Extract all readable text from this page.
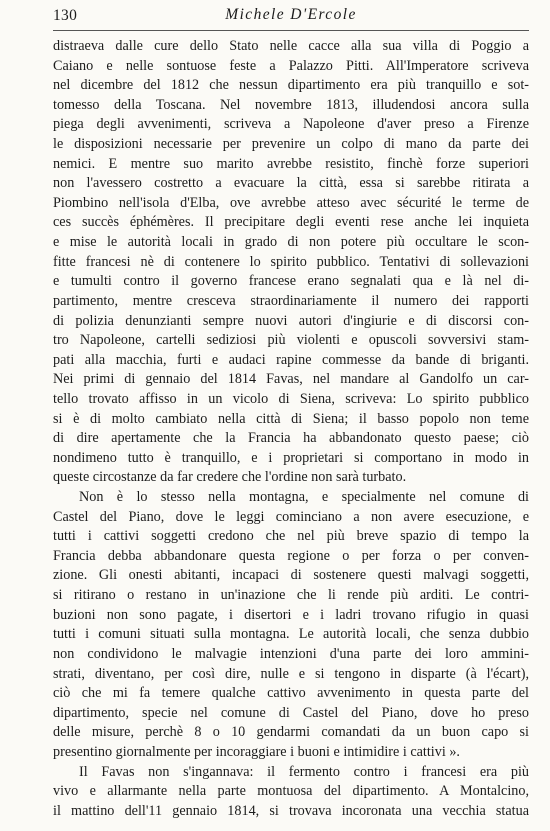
130	Michele D'Ercole
distraeva dalle cure dello Stato nelle cacce alla sua villa di Poggio a
Caiano e nelle sontuose feste a Palazzo Pitti. All'Imperatore scriveva
nel dicembre del 1812 che nessun dipartimento era più tranquillo e sot-
tomesso della Toscana. Nel novembre 1813, illudendosi ancora sulla
piega degli avvenimenti, scriveva a Napoleone d'aver preso a Firenze
le disposizioni necessarie per prevenire un colpo di mano da parte dei
nemici. E mentre suo marito avrebbe resistito, finchè forze superiori
non l'avessero costretto a evacuare la città, essa si sarebbe ritirata a
Piombino nell'isola d'Elba, ove avrebbe atteso avec sécurité le terme de
ces succès éphémères. Il precipitare degli eventi rese anche lei inquieta
e mise le autorità locali in grado di non potere più occultare le scon-
fitte francesi nè di contenere lo spirito pubblico. Tentativi di sollevazioni
e tumulti contro il governo francese erano segnalati qua e là nel di-
partimento, mentre cresceva straordinariamente il numero dei rapporti
di polizia denunzianti sempre nuovi autori d'ingiurie e di discorsi con-
tro Napoleone, cartelli sediziosi più violenti e opuscoli sovversivi stam-
pati alla macchia, furti e audaci rapine commesse da bande di briganti.
Nei primi di gennaio del 1814 Favas, nel mandare al Gandolfo un car-
tello trovato affisso in un vicolo di Siena, scriveva: Lo spirito pubblico
si è di molto cambiato nella città di Siena; il basso popolo non teme
di dire apertamente che la Francia ha abbandonato questo paese; ciò
nondimeno tutto è tranquillo, e i proprietari si comportano in modo in
queste circostanze da far credere che l'ordine non sarà turbato.
Non è lo stesso nella montagna, e specialmente nel comune di
Castel del Piano, dove le leggi cominciano a non avere esecuzione, e
tutti i cattivi soggetti credono che nel più breve spazio di tempo la
Francia debba abbandonare questa regione o per forza o per conven-
zione. Gli onesti abitanti, incapaci di sostenere questi malvagi soggetti,
si ritirano o restano in un'inazione che li rende più arditi. Le contri-
buzioni non sono pagate, i disertori e i ladri trovano rifugio in quasi
tutti i comuni situati sulla montagna. Le autorità locali, che senza dubbio
non condividono le malvagie intenzioni d'una parte dei loro ammini-
strati, diventano, per così dire, nulle e si tengono in disparte (à l'écart),
ciò che mi fa temere qualche cattivo avvenimento in questa parte del
dipartimento, specie nel comune di Castel del Piano, dove ho preso
delle misure, perchè 8 o 10 gendarmi comandati da un buon capo si
presentino giornalmente per incoraggiare i buoni e intimidire i cattivi ».
Il Favas non s'ingannava: il fermento contro i francesi era più
vivo e allarmante nella parte montuosa del dipartimento. A Montalcino,
il mattino dell'11 gennaio 1814, si trovava incoronata una vecchia statua
